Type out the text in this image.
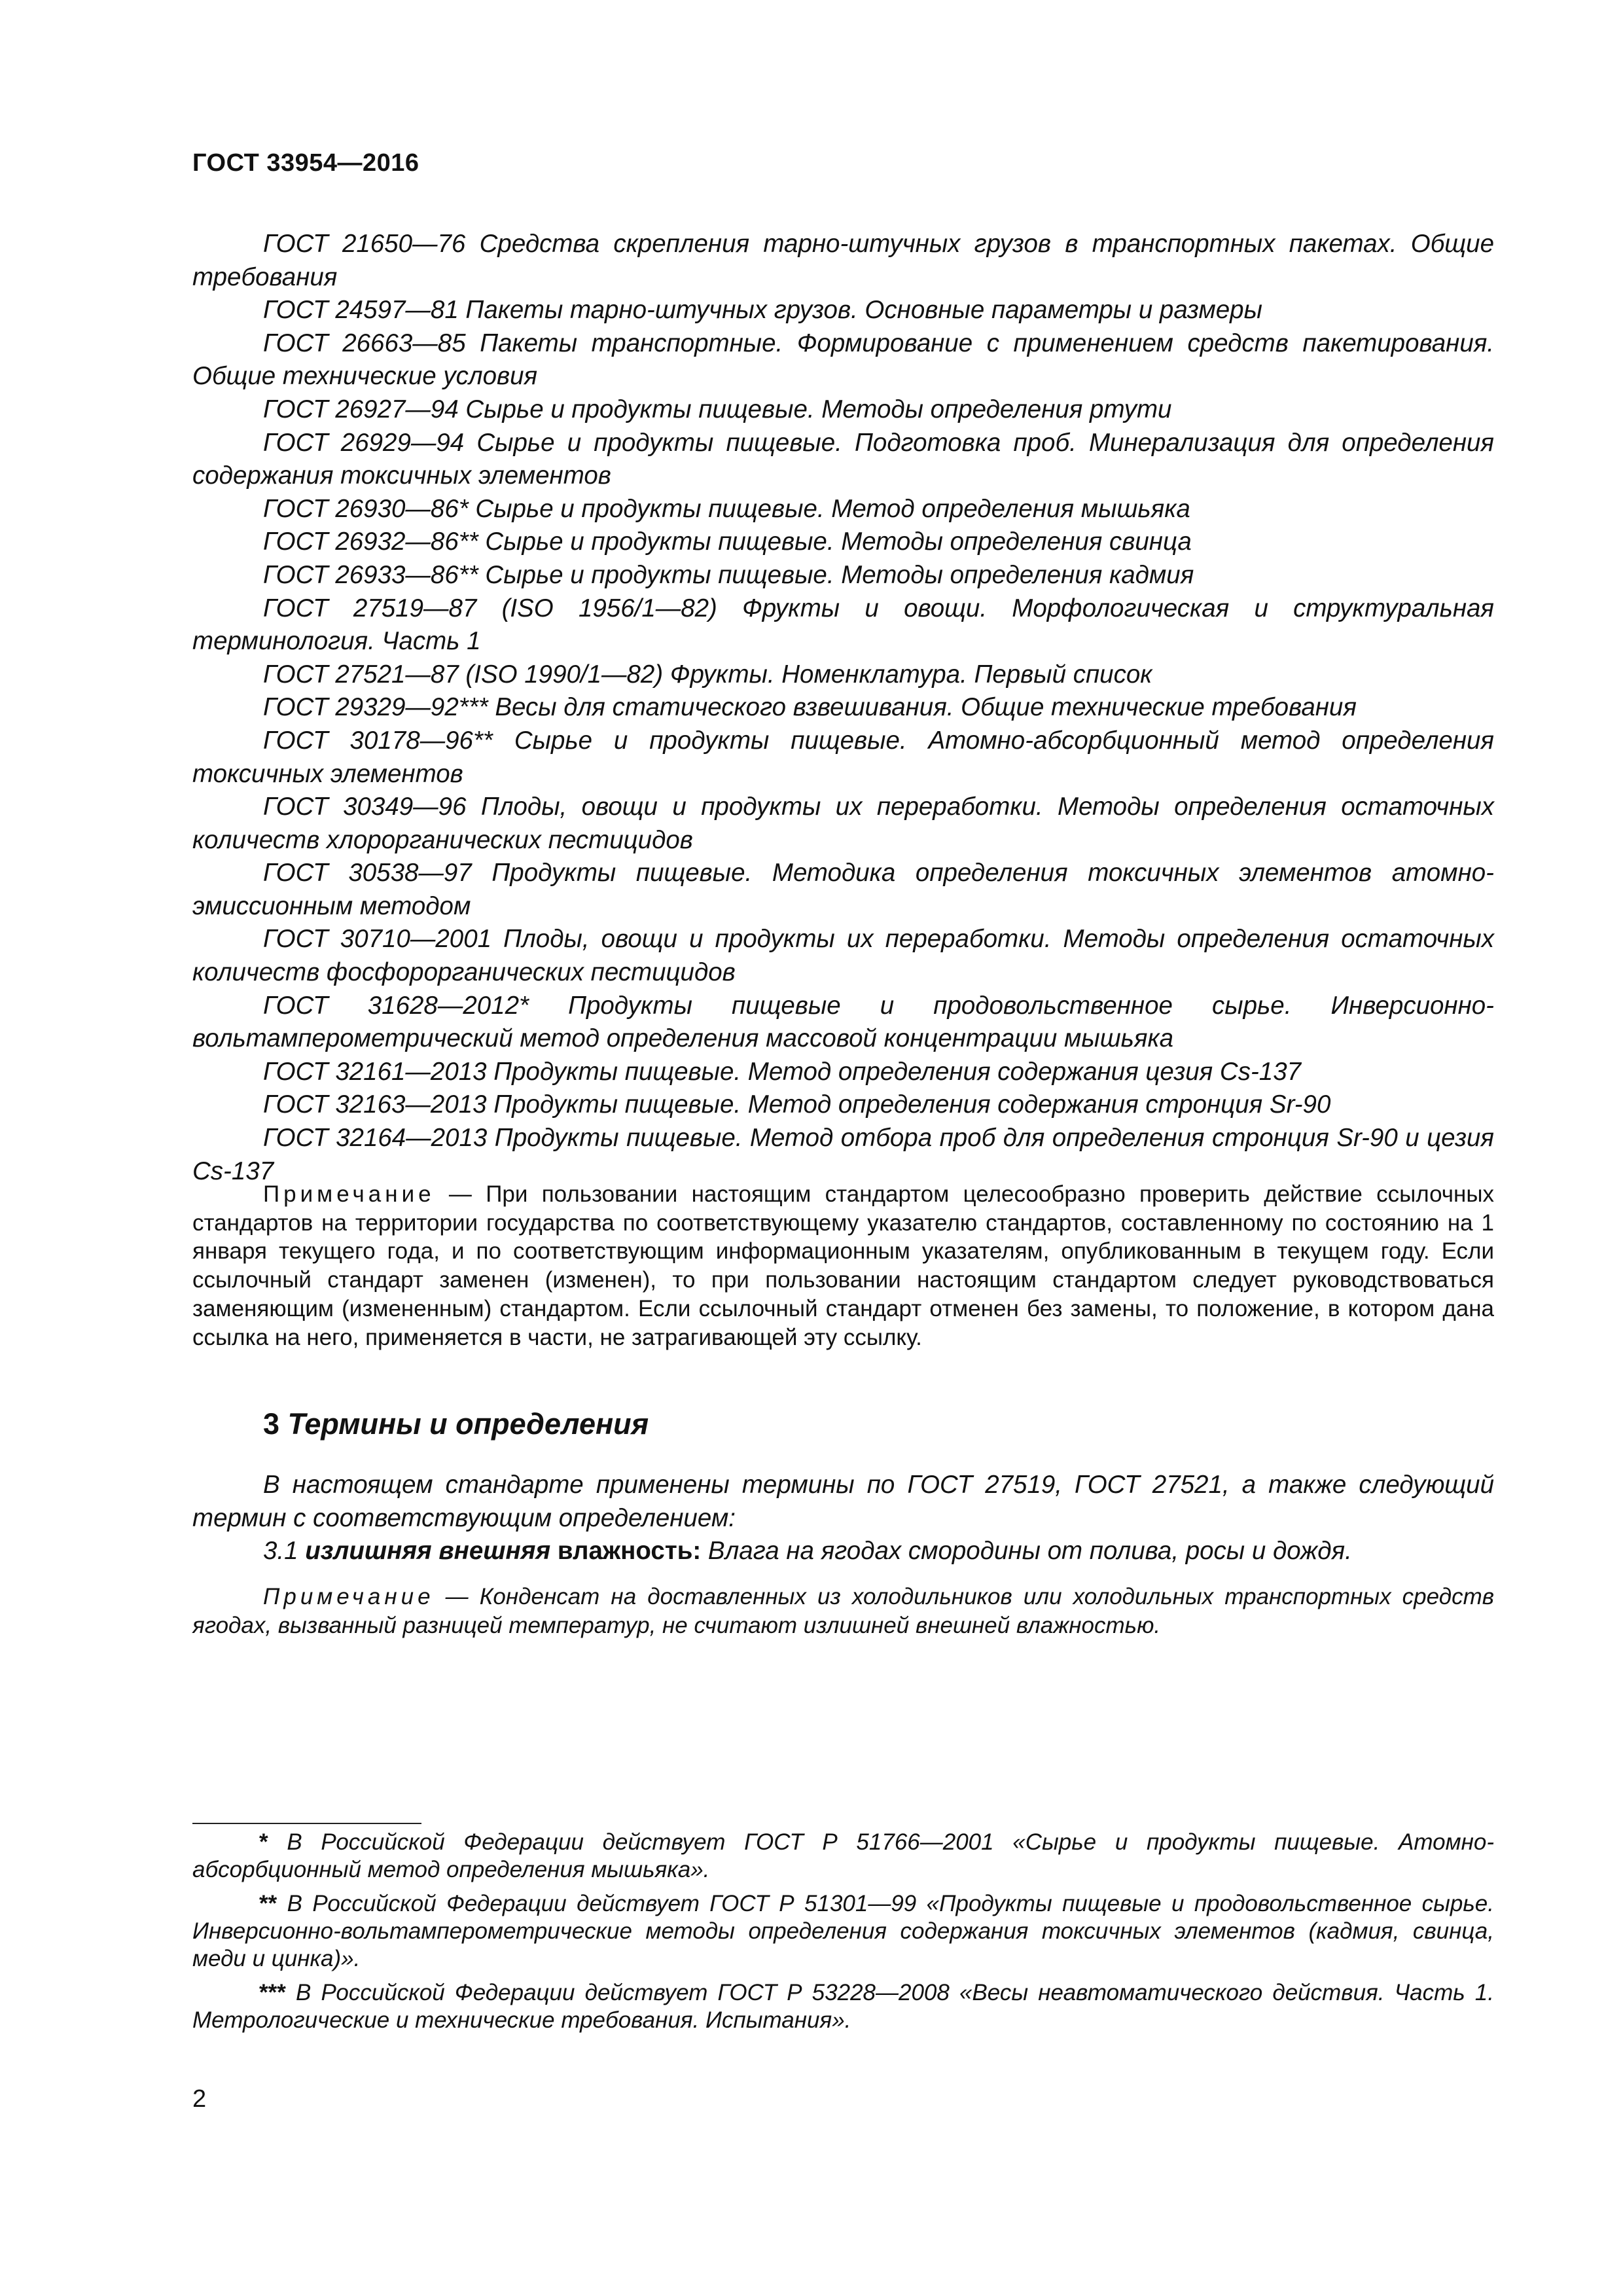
ГОСТ 33954—2016

ГОСТ 21650—76 Средства скрепления тарно-штучных грузов в транспортных пакетах. Общие требования

ГОСТ 24597—81 Пакеты тарно-штучных грузов. Основные параметры и размеры

ГОСТ 26663—85 Пакеты транспортные. Формирование с применением средств пакетирования. Общие технические условия

ГОСТ 26927—94 Сырье и продукты пищевые. Методы определения ртути

ГОСТ 26929—94 Сырье и продукты пищевые. Подготовка проб. Минерализация для определения содержания токсичных элементов

ГОСТ 26930—86* Сырье и продукты пищевые. Метод определения мышьяка

ГОСТ 26932—86** Сырье и продукты пищевые. Методы определения свинца

ГОСТ 26933—86** Сырье и продукты пищевые. Методы определения кадмия

ГОСТ 27519—87 (ISO 1956/1—82) Фрукты и овощи. Морфологическая и структуральная терминология. Часть 1

ГОСТ 27521—87 (ISO 1990/1—82) Фрукты. Номенклатура. Первый список

ГОСТ 29329—92*** Весы для статического взвешивания. Общие технические требования

ГОСТ 30178—96** Сырье и продукты пищевые. Атомно-абсорбционный метод определения токсичных элементов

ГОСТ 30349—96 Плоды, овощи и продукты их переработки. Методы определения остаточных количеств хлорорганических пестицидов

ГОСТ 30538—97 Продукты пищевые. Методика определения токсичных элементов атомно-эмиссионным методом

ГОСТ 30710—2001 Плоды, овощи и продукты их переработки. Методы определения остаточных количеств фосфорорганических пестицидов

ГОСТ 31628—2012* Продукты пищевые и продовольственное сырье. Инверсионно-вольтамперометрический метод определения массовой концентрации мышьяка

ГОСТ 32161—2013 Продукты пищевые. Метод определения содержания цезия Cs-137

ГОСТ 32163—2013 Продукты пищевые. Метод определения содержания стронция Sr-90

ГОСТ 32164—2013 Продукты пищевые. Метод отбора проб для определения стронция Sr-90 и цезия Cs-137

Примечание — При пользовании настоящим стандартом целесообразно проверить действие ссылочных стандартов на территории государства по соответствующему указателю стандартов, составленному по состоянию на 1 января текущего года, и по соответствующим информационным указателям, опубликованным в текущем году. Если ссылочный стандарт заменен (изменен), то при пользовании настоящим стандартом следует руководствоваться заменяющим (измененным) стандартом. Если ссылочный стандарт отменен без замены, то положение, в котором дана ссылка на него, применяется в части, не затрагивающей эту ссылку.

3 Термины и определения

В настоящем стандарте применены термины по ГОСТ 27519, ГОСТ 27521, а также следующий термин с соответствующим определением:

3.1 излишняя внешняя влажность: Влага на ягодах смородины от полива, росы и дождя.

Примечание — Конденсат на доставленных из холодильников или холодильных транспортных средств ягодах, вызванный разницей температур, не считают излишней внешней влажностью.

* В Российской Федерации действует ГОСТ Р 51766—2001 «Сырье и продукты пищевые. Атомно-абсорбционный метод определения мышьяка».

** В Российской Федерации действует ГОСТ Р 51301—99 «Продукты пищевые и продовольственное сырье. Инверсионно-вольтамперометрические методы определения содержания токсичных элементов (кадмия, свинца, меди и цинка)».

*** В Российской Федерации действует ГОСТ Р 53228—2008 «Весы неавтоматического действия. Часть 1. Метрологические и технические требования. Испытания».

2
